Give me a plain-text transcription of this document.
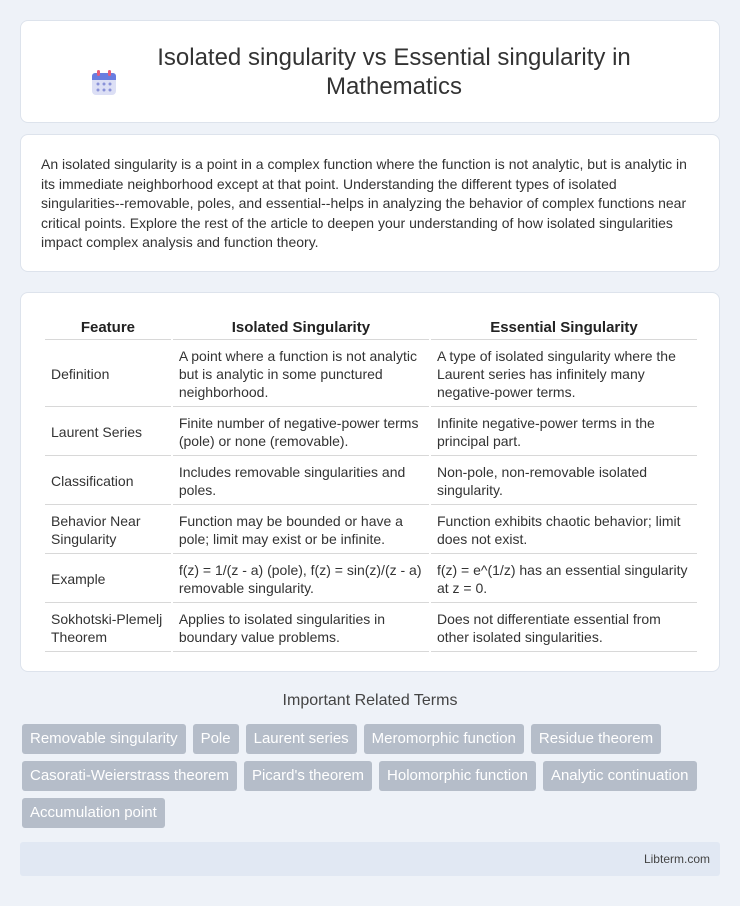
Isolated singularity vs Essential singularity in Mathematics

An isolated singularity is a point in a complex function where the function is not analytic, but is analytic in its immediate neighborhood except at that point. Understanding the different types of isolated singularities--removable, poles, and essential--helps in analyzing the behavior of complex functions near critical points. Explore the rest of the article to deepen your understanding of how isolated singularities impact complex analysis and function theory.

Feature	Isolated Singularity	Essential Singularity
Definition	A point where a function is not analytic but is analytic in some punctured neighborhood.	A type of isolated singularity where the Laurent series has infinitely many negative-power terms.
Laurent Series	Finite number of negative-power terms (pole) or none (removable).	Infinite negative-power terms in the principal part.
Classification	Includes removable singularities and poles.	Non-pole, non-removable isolated singularity.
Behavior Near Singularity	Function may be bounded or have a pole; limit may exist or be infinite.	Function exhibits chaotic behavior; limit does not exist.
Example	f(z) = 1/(z - a) (pole), f(z) = sin(z)/(z - a) removable singularity.	f(z) = e^(1/z) has an essential singularity at z = 0.
Sokhotski-Plemelj Theorem	Applies to isolated singularities in boundary value problems.	Does not differentiate essential from other isolated singularities.
Important Related Terms
Removable singularity	Pole	Laurent series	Meromorphic function	Residue theorem
Casorati-Weierstrass theorem	Picard's theorem	Holomorphic function	Analytic continuation
Accumulation point
Libterm.com
